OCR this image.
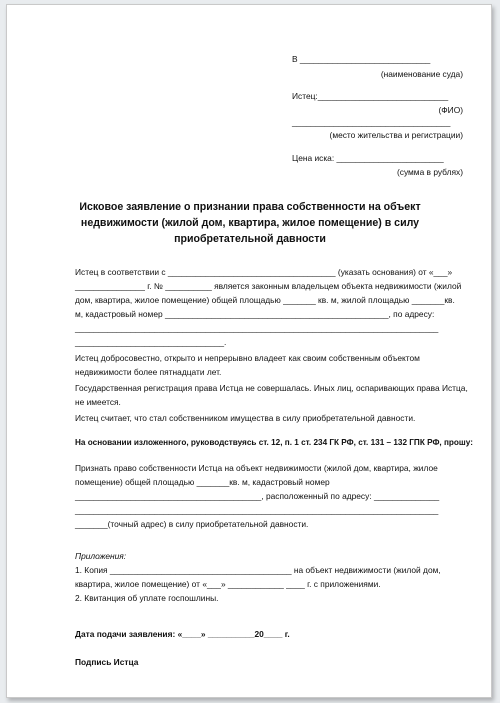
В ____________________________
(наименование суда)
Истец:____________________________
(ФИО)
__________________________________
(место жительства и регистрации)
Цена иска: _______________________
(сумма в рублях)
Исковое заявление о признании права собственности на объект
недвижимости (жилой дом, квартира, жилое помещение) в силу
приобретательной давности
Истец в соответствии с ____________________________________ (указать основания) от «___»
_______________ г. № __________ является законным владельцем объекта недвижимости (жилой
дом, квартира, жилое помещение) общей площадью _______ кв. м, жилой площадью _______кв.
м, кадастровый номер ________________________________________________, по адресу:
______________________________________________________________________________
________________________________.
Истец добросовестно, открыто и непрерывно владеет как своим собственным объектом
недвижимости более пятнадцати лет.
Государственная регистрация права Истца не совершалась. Иных лиц, оспаривающих права Истца,
не имеется.
Истец считает, что стал собственником имущества в силу приобретательной давности.
На основании изложенного, руководствуясь ст. 12, п. 1 ст. 234 ГК РФ, ст. 131 – 132 ГПК РФ, прошу:
Признать право собственности Истца на объект недвижимости (жилой дом, квартира, жилое
помещение) общей площадью _______кв. м, кадастровый номер
________________________________________, расположенный по адресу: ______________
______________________________________________________________________________
_______(точный адрес) в силу приобретательной давности.
Приложения:
1. Копия _______________________________________ на объект недвижимости (жилой дом,
квартира, жилое помещение) от «___» ____________ ____ г. с приложениями.
2. Квитанция об уплате госпошлины.
Дата подачи заявления: «____» __________20____ г.
Подпись Истца
